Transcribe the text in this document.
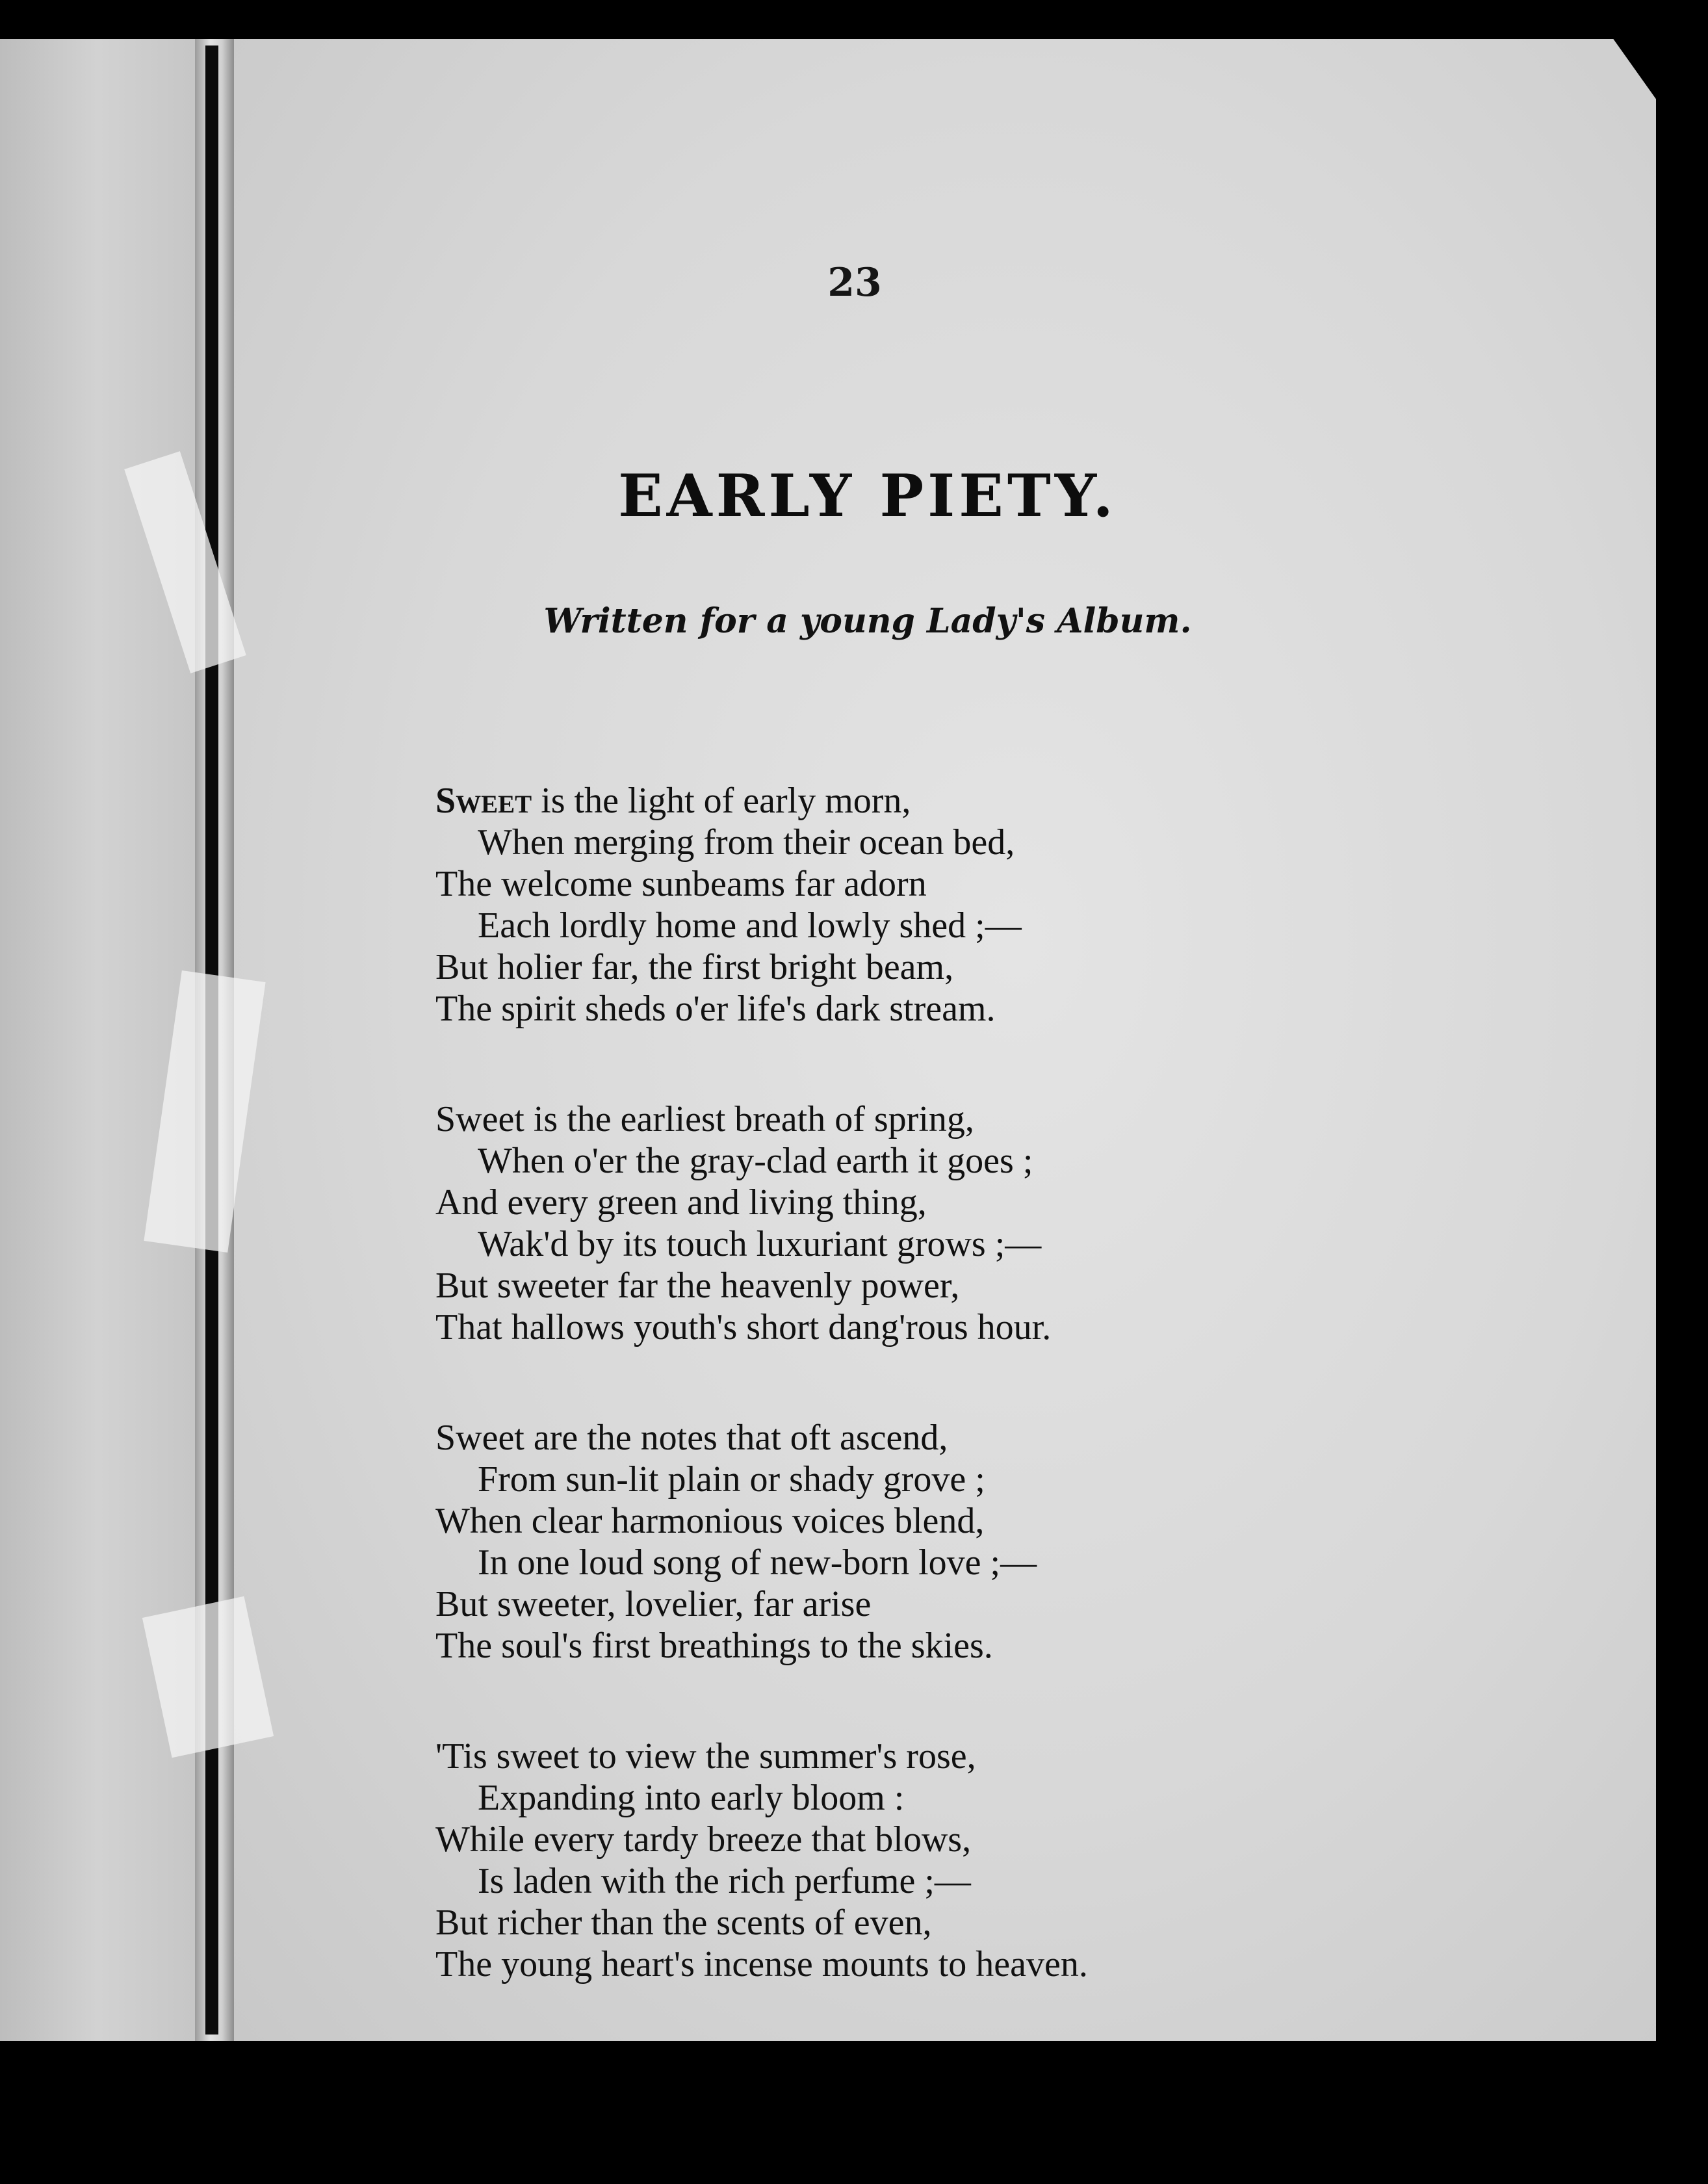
23
EARLY PIETY.
Written for a young Lady's Album.
Sweet is the light of early morn,
When merging from their ocean bed,
The welcome sunbeams far adorn
Each lordly home and lowly shed ;—
But holier far, the first bright beam,
The spirit sheds o'er life's dark stream.
Sweet is the earliest breath of spring,
When o'er the gray-clad earth it goes ;
And every green and living thing,
Wak'd by its touch luxuriant grows ;—
But sweeter far the heavenly power,
That hallows youth's short dang'rous hour.
Sweet are the notes that oft ascend,
From sun-lit plain or shady grove ;
When clear harmonious voices blend,
In one loud song of new-born love ;—
But sweeter, lovelier, far arise
The soul's first breathings to the skies.
'Tis sweet to view the summer's rose,
Expanding into early bloom :
While every tardy breeze that blows,
Is laden with the rich perfume ;—
But richer than the scents of even,
The young heart's incense mounts to heaven.
